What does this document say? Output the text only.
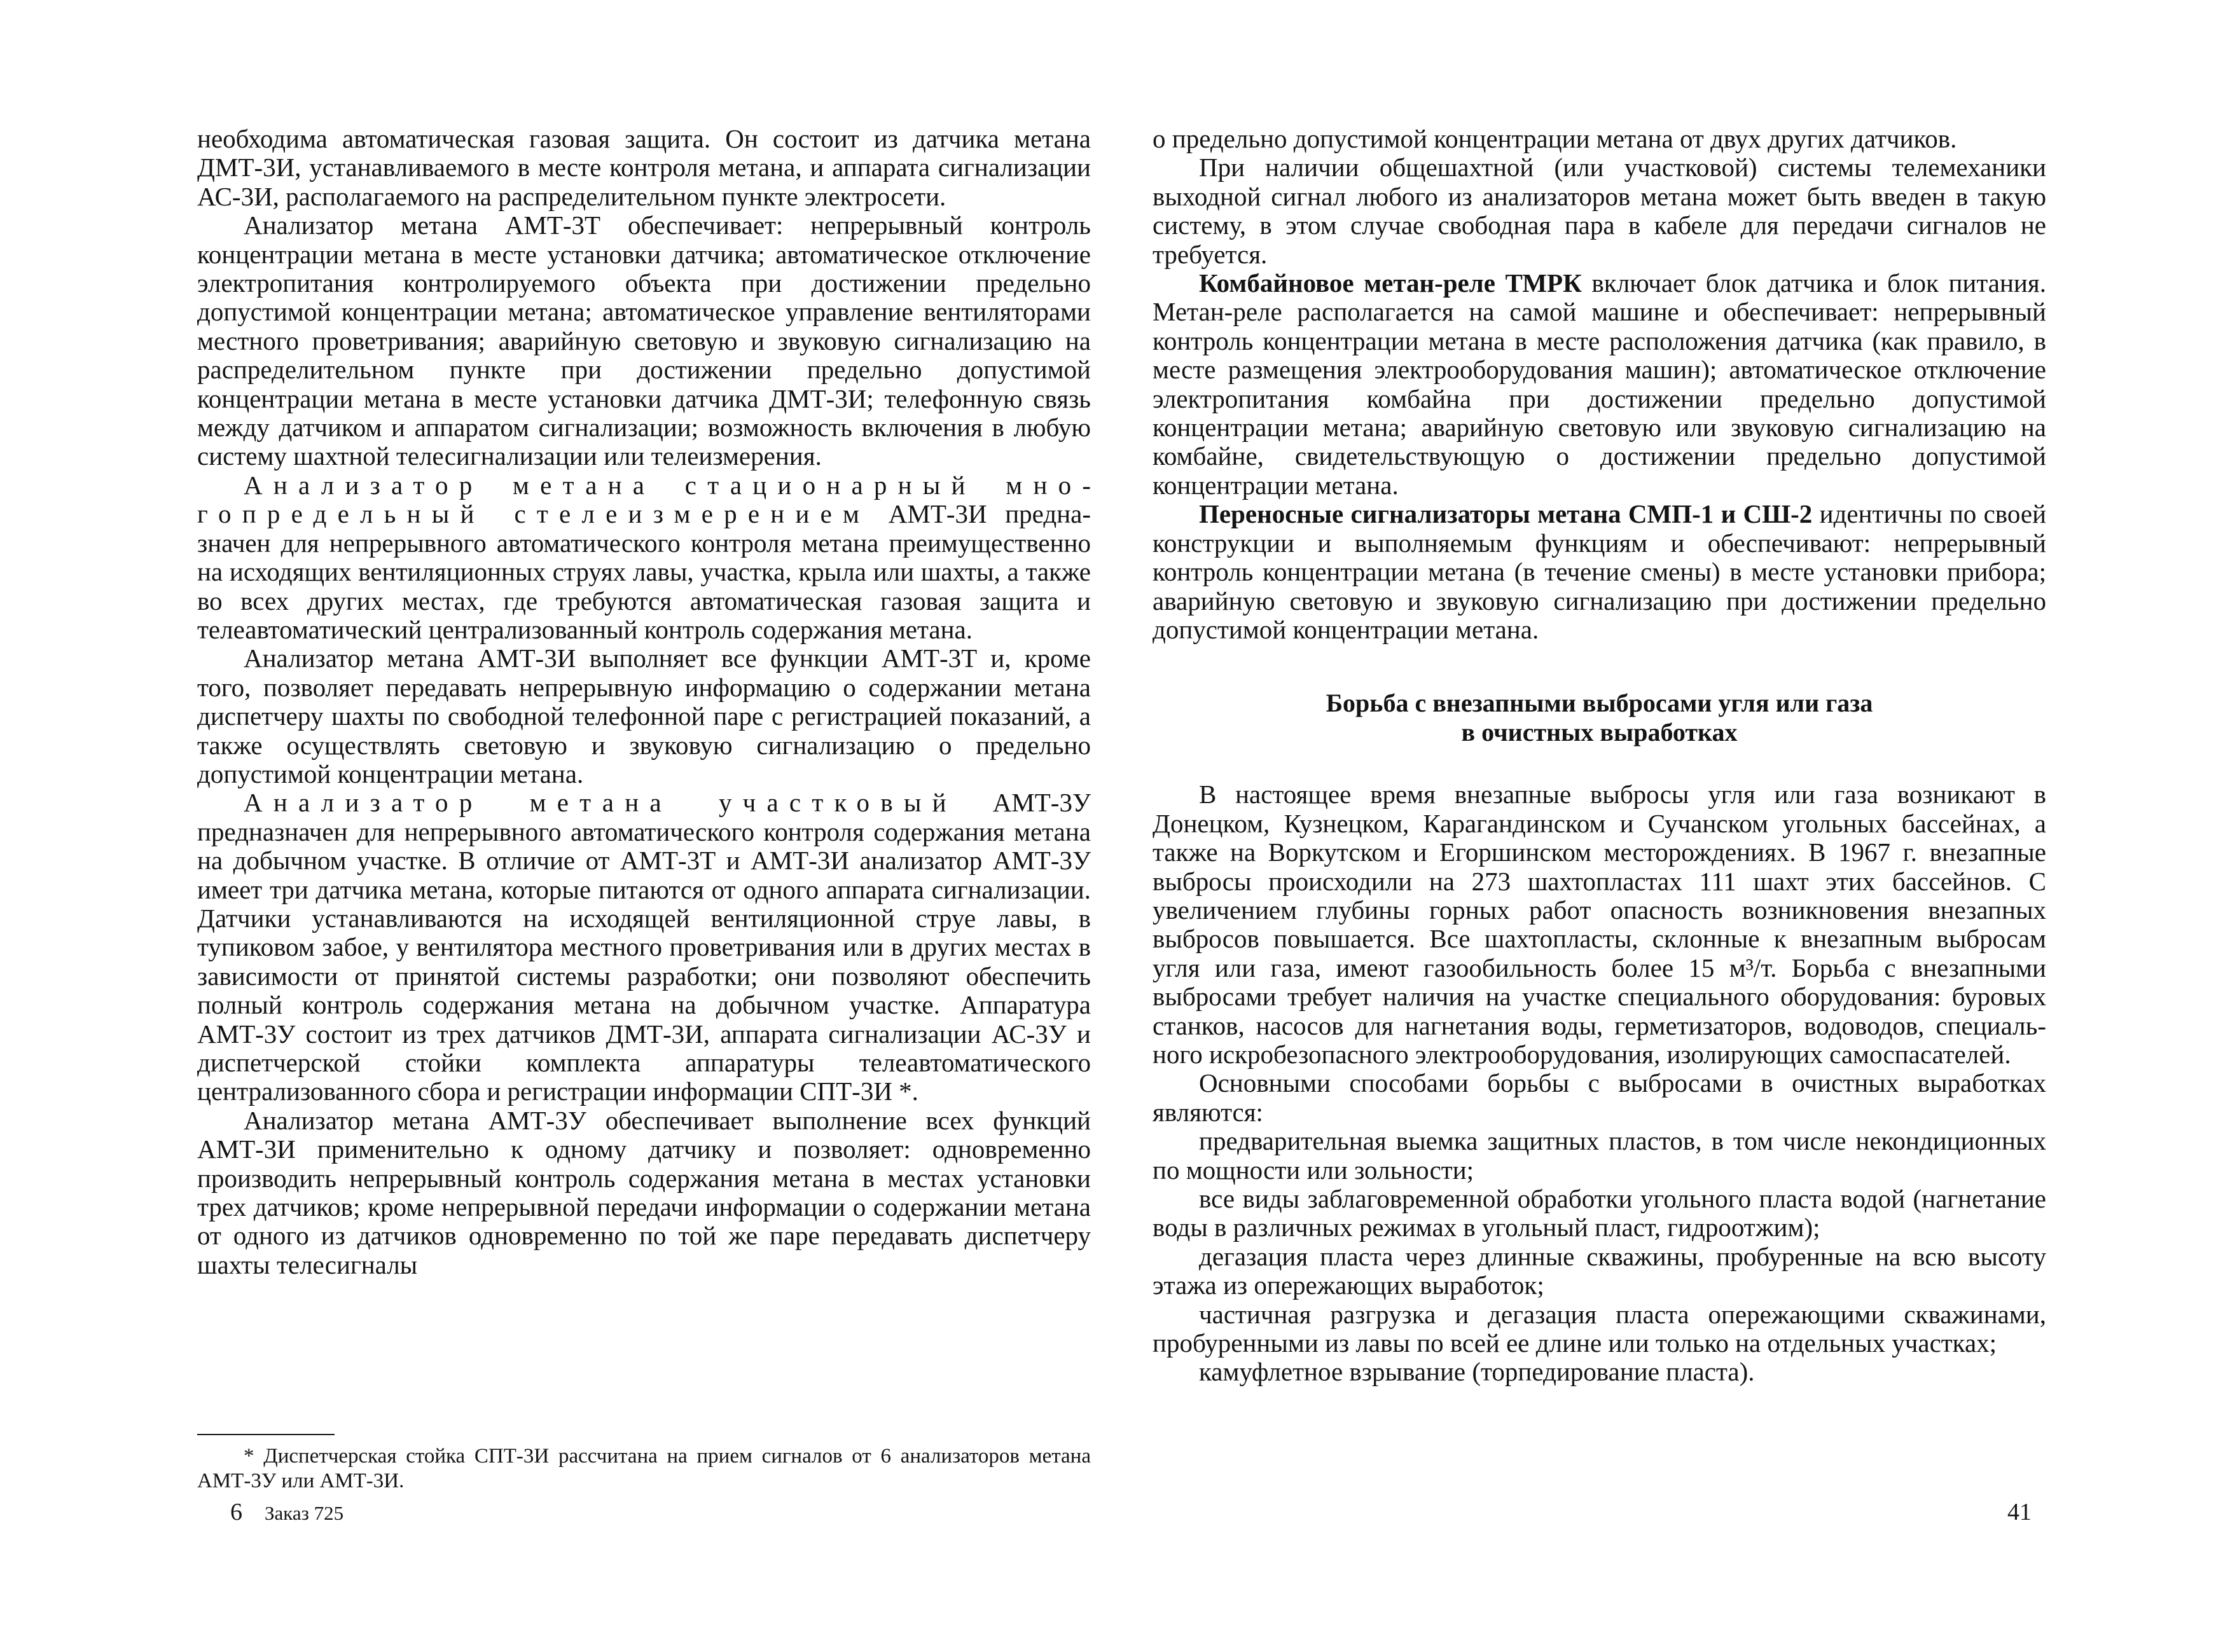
необходима автоматическая газовая защита. Он состоит из датчика метана ДМТ-3И, устанавливаемого в месте контроля метана, и аппарата сигнализации АС-3И, располагаемого на распределительном пункте электросети.

Анализатор метана АМТ-3Т обеспечивает: непрерывный контроль концентрации метана в месте установки датчика; автоматическое отключение электропитания контролируемого объекта при достижении предельно допустимой концентрации метана; автоматическое управление вентиляторами местного проветривания; аварийную световую и звуковую сигнализацию на распределительном пункте при достижении предельно допустимой концентрации метана в месте установки датчика ДМТ-3И; телефонную связь между датчиком и аппаратом сигнализации; возможность включения в любую систему шахтной телесигнализации или телеизмерения.

Анализатор метана стационарный многопредельный стелеизмерением АМТ-3И предназначен для непрерывного автоматического контроля метана преимущественно на исходящих вентиляционных струях лавы, участка, крыла или шахты, а также во всех других местах, где требуются автоматическая газовая защита и телеавтоматический централизованный контроль содержания метана.

Анализатор метана АМТ-3И выполняет все функции АМТ-3Т и, кроме того, позволяет передавать непрерывную информацию о содержании метана диспетчеру шахты по свободной телефонной паре с регистрацией показаний, а также осуществлять световую и звуковую сигнализацию о предельно допустимой концентрации метана.

Анализатор метана участковый АМТ-3У предназначен для непрерывного автоматического контроля содержания метана на добычном участке. В отличие от АМТ-3Т и АМТ-3И анализатор АМТ-3У имеет три датчика метана, которые питаются от одного аппарата сигнализации. Датчики устанавливаются на исходящей вентиляционной струе лавы, в тупиковом забое, у вентилятора местного проветривания или в других местах в зависимости от принятой системы разработки; они позволяют обеспечить полный контроль содержания метана на добычном участке. Аппаратура АМТ-3У состоит из трех датчиков ДМТ-3И, аппарата сигнализации АС-3У и диспетчерской стойки комплекта аппаратуры телеавтоматического централизованного сбора и регистрации информации СПТ-3И *.

Анализатор метана АМТ-3У обеспечивает выполнение всех функций АМТ-3И применительно к одному датчику и позволяет: одновременно производить непрерывный контроль содержания метана в местах установки трех датчиков; кроме непрерывной передачи информации о содержании метана от одного из датчиков одновременно по той же паре передавать диспетчеру шахты телесигналы

* Диспетчерская стойка СПТ-3И рассчитана на прием сигналов от 6 анализаторов метана АМТ-3У или АМТ-3И.
6 Заказ 725

о предельно допустимой концентрации метана от двух других датчиков.

При наличии общешахтной (или участковой) системы телемеханики выходной сигнал любого из анализаторов метана может быть введен в такую систему, в этом случае свободная пара в кабеле для передачи сигналов не требуется.

Комбайновое метан-реле ТМРК включает блок датчика и блок питания. Метан-реле располагается на самой машине и обеспечивает: непрерывный контроль концентрации метана в месте расположения датчика (как правило, в месте размещения электрооборудования машин); автоматическое отключение электропитания комбайна при достижении предельно допустимой концентрации метана; аварийную световую или звуковую сигнализацию на комбайне, свидетельствующую о достижении предельно допустимой концентрации метана.

Переносные сигнализаторы метана СМП-1 и СШ-2 идентичны по своей конструкции и выполняемым функциям и обеспечивают: непрерывный контроль концентрации метана (в течение смены) в месте установки прибора; аварийную световую и звуковую сигнализацию при достижении предельно допустимой концентрации метана.

Борьба с внезапными выбросами угля или газа
в очистных выработках

В настоящее время внезапные выбросы угля или газа возникают в Донецком, Кузнецком, Карагандинском и Сучанском угольных бассейнах, а также на Воркутском и Егоршинском месторождениях. В 1967 г. внезапные выбросы происходили на 273 шахтопластах 111 шахт этих бассейнов. С увеличением глубины горных работ опасность возникновения внезапных выбросов повышается. Все шахтопласты, склонные к внезапным выбросам угля или газа, имеют газообильность более 15 м³/т. Борьба с внезапными выбросами требует наличия на участке специального оборудования: буровых станков, насосов для нагнетания воды, герметизаторов, водоводов, специального искробезопасного электрооборудования, изолирующих самоспасателей.

Основными способами борьбы с выбросами в очистных выработках являются:

предварительная выемка защитных пластов, в том числе некондиционных по мощности или зольности;

все виды заблаговременной обработки угольного пласта водой (нагнетание воды в различных режимах в угольный пласт, гидроотжим);

дегазация пласта через длинные скважины, пробуренные на всю высоту этажа из опережающих выработок;

частичная разгрузка и дегазация пласта опережающими скважинами, пробуренными из лавы по всей ее длине или только на отдельных участках;

камуфлетное взрывание (торпедирование пласта).

41
